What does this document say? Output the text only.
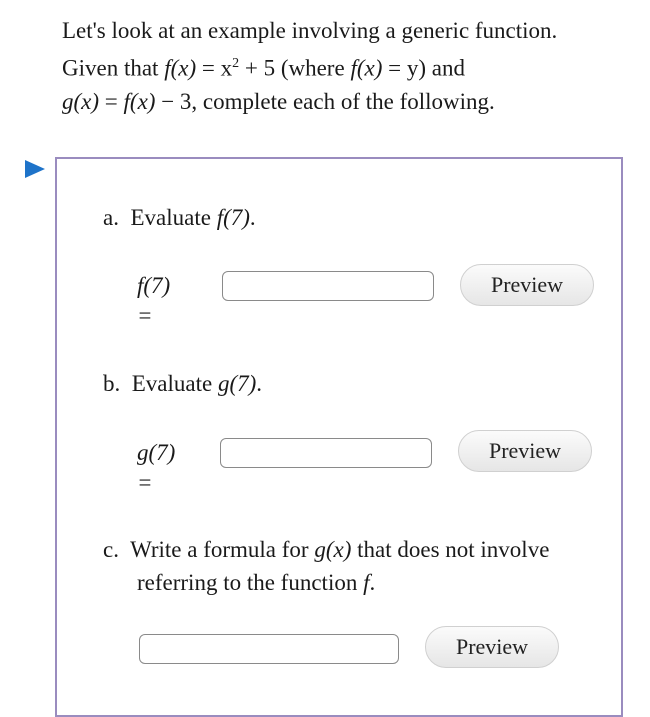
Let's look at an example involving a generic function.
Given that $f(x) = x^2 + 5$ (where f(x) = y) and
g(x) = f(x) − 3, complete each of the following.
a. Evaluate f(7).
f(7) =
Preview
b. Evaluate g(7).
g(7) =
Preview
c. Write a formula for g(x) that does not involve
referring to the function f.
Preview
